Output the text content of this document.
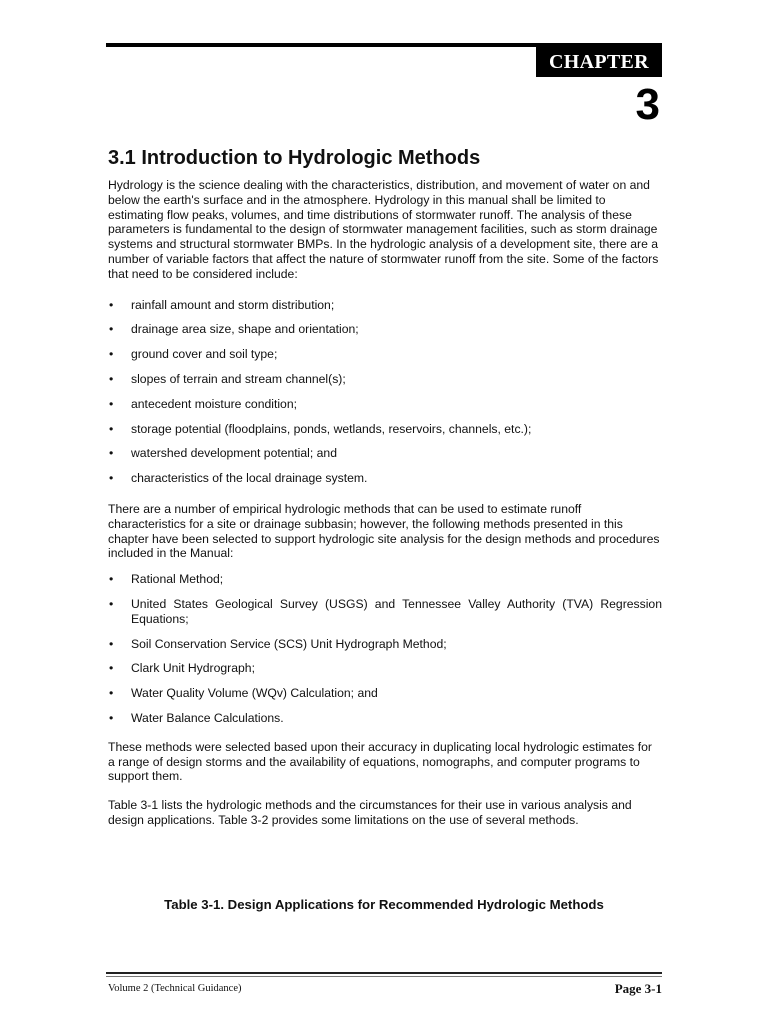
CHAPTER
3
3.1 Introduction to Hydrologic Methods

Hydrology is the science dealing with the characteristics, distribution, and movement of water on and below the earth's surface and in the atmosphere. Hydrology in this manual shall be limited to estimating flow peaks, volumes, and time distributions of stormwater runoff. The analysis of these parameters is fundamental to the design of stormwater management facilities, such as storm drainage systems and structural stormwater BMPs. In the hydrologic analysis of a development site, there are a number of variable factors that affect the nature of stormwater runoff from the site. Some of the factors that need to be considered include:

• rainfall amount and storm distribution;
• drainage area size, shape and orientation;
• ground cover and soil type;
• slopes of terrain and stream channel(s);
• antecedent moisture condition;
• storage potential (floodplains, ponds, wetlands, reservoirs, channels, etc.);
• watershed development potential; and
• characteristics of the local drainage system.

There are a number of empirical hydrologic methods that can be used to estimate runoff characteristics for a site or drainage subbasin; however, the following methods presented in this chapter have been selected to support hydrologic site analysis for the design methods and procedures included in the Manual:

• Rational Method;
• United States Geological Survey (USGS) and Tennessee Valley Authority (TVA) Regression Equations;
• Soil Conservation Service (SCS) Unit Hydrograph Method;
• Clark Unit Hydrograph;
• Water Quality Volume (WQv) Calculation; and
• Water Balance Calculations.

These methods were selected based upon their accuracy in duplicating local hydrologic estimates for a range of design storms and the availability of equations, nomographs, and computer programs to support them.

Table 3-1 lists the hydrologic methods and the circumstances for their use in various analysis and design applications. Table 3-2 provides some limitations on the use of several methods.

Table 3-1. Design Applications for Recommended Hydrologic Methods
Volume 2 (Technical Guidance)	Page 3-1
